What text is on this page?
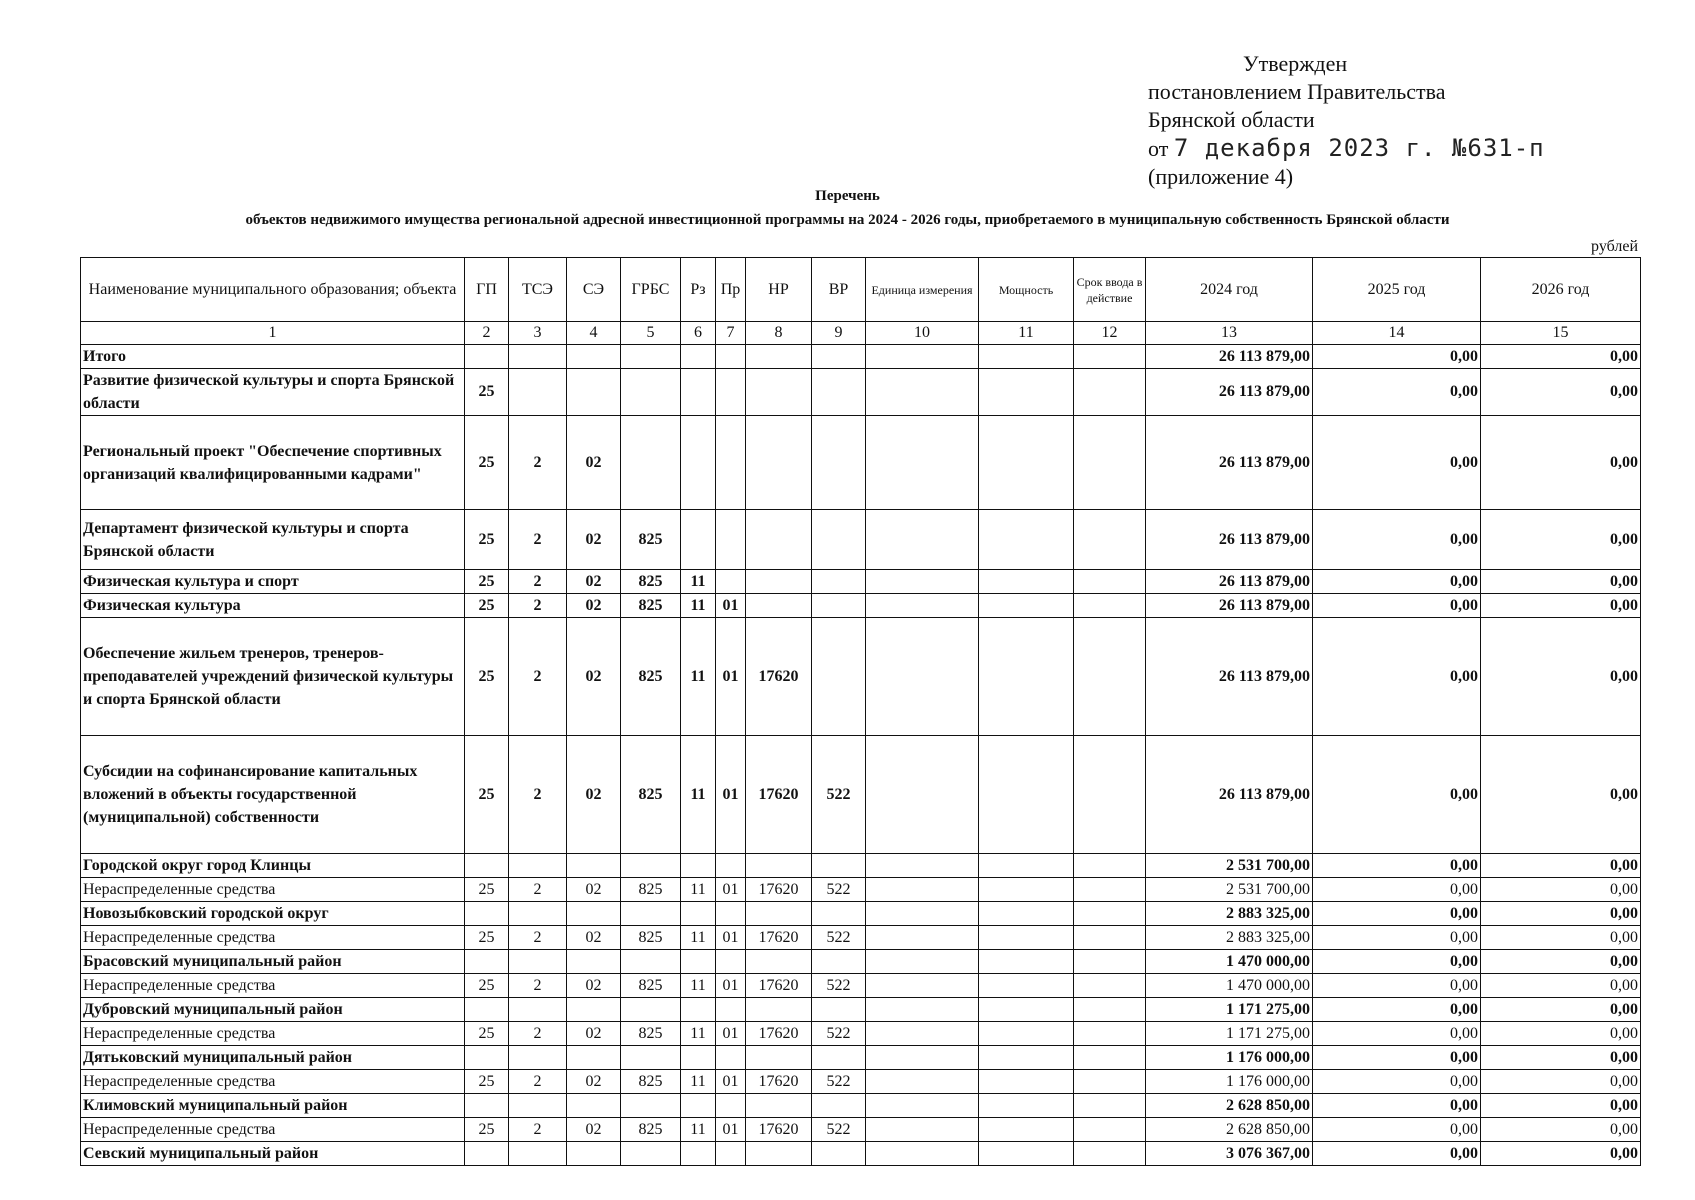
Утвержден
постановлением Правительства
Брянской области
от 7 декабря 2023 г. №631-п
(приложение 4)
Перечень
объектов недвижимого имущества региональной адресной инвестиционной программы на 2024 - 2026 годы, приобретаемого в муниципальную собственность Брянской области
рублей
Наименование муниципального образования; объекта	ГП	ТСЭ	СЭ	ГРБС	Рз	Пр	НР	ВР	Единица измерения	Мощность	Срок ввода в действие	2024 год	2025 год	2026 год
1	2	3	4	5	6	7	8	9	10	11	12	13	14	15
Итого												26 113 879,00	0,00	0,00
Развитие физической культуры и спорта Брянской области	25											26 113 879,00	0,00	0,00
Региональный проект "Обеспечение спортивных организаций квалифицированными кадрами"	25	2	02									26 113 879,00	0,00	0,00
Департамент физической культуры и спорта Брянской области	25	2	02	825								26 113 879,00	0,00	0,00
Физическая культура и спорт	25	2	02	825	11							26 113 879,00	0,00	0,00
Физическая культура	25	2	02	825	11	01						26 113 879,00	0,00	0,00
Обеспечение жильем тренеров, тренеров-преподавателей учреждений физической культуры и спорта Брянской области	25	2	02	825	11	01	17620					26 113 879,00	0,00	0,00
Субсидии на софинансирование капитальных вложений в объекты государственной (муниципальной) собственности	25	2	02	825	11	01	17620	522				26 113 879,00	0,00	0,00
Городской округ город Клинцы												2 531 700,00	0,00	0,00
Нераспределенные средства	25	2	02	825	11	01	17620	522				2 531 700,00	0,00	0,00
Новозыбковский городской округ												2 883 325,00	0,00	0,00
Нераспределенные средства	25	2	02	825	11	01	17620	522				2 883 325,00	0,00	0,00
Брасовский муниципальный район												1 470 000,00	0,00	0,00
Нераспределенные средства	25	2	02	825	11	01	17620	522				1 470 000,00	0,00	0,00
Дубровский муниципальный район												1 171 275,00	0,00	0,00
Нераспределенные средства	25	2	02	825	11	01	17620	522				1 171 275,00	0,00	0,00
Дятьковский муниципальный район												1 176 000,00	0,00	0,00
Нераспределенные средства	25	2	02	825	11	01	17620	522				1 176 000,00	0,00	0,00
Климовский муниципальный район												2 628 850,00	0,00	0,00
Нераспределенные средства	25	2	02	825	11	01	17620	522				2 628 850,00	0,00	0,00
Севский муниципальный район												3 076 367,00	0,00	0,00
